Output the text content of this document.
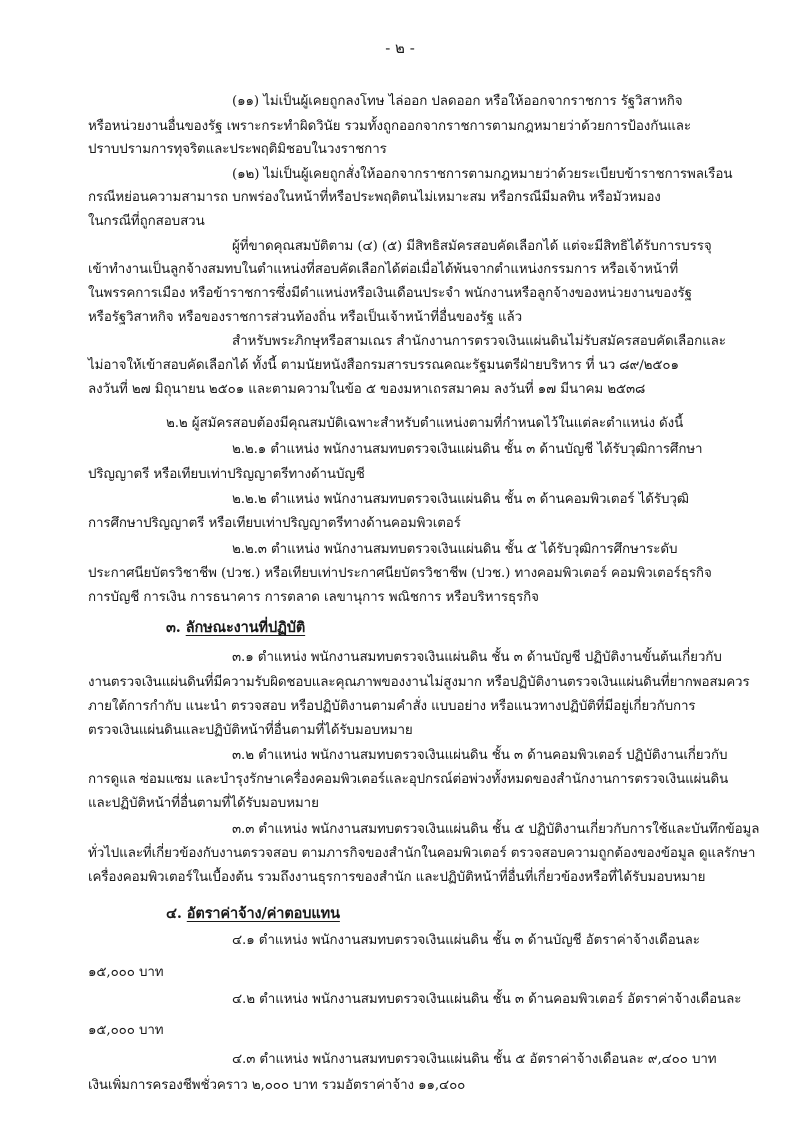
- ๒ -
(๑๑) ไม่เป็นผู้เคยถูกลงโทษ ไล่ออก ปลดออก หรือให้ออกจากราชการ รัฐวิสาหกิจ
หรือหน่วยงานอื่นของรัฐ เพราะกระทำผิดวินัย รวมทั้งถูกออกจากราชการตามกฎหมายว่าด้วยการป้องกันและ
ปราบปรามการทุจริตและประพฤติมิชอบในวงราชการ
(๑๒) ไม่เป็นผู้เคยถูกสั่งให้ออกจากราชการตามกฎหมายว่าด้วยระเบียบข้าราชการพลเรือน
กรณีหย่อนความสามารถ บกพร่องในหน้าที่หรือประพฤติตนไม่เหมาะสม หรือกรณีมีมลทิน หรือมัวหมอง
ในกรณีที่ถูกสอบสวน
ผู้ที่ขาดคุณสมบัติตาม (๔) (๕) มีสิทธิสมัครสอบคัดเลือกได้ แต่จะมีสิทธิได้รับการบรรจุ
เข้าทำงานเป็นลูกจ้างสมทบในตำแหน่งที่สอบคัดเลือกได้ต่อเมื่อได้พ้นจากตำแหน่งกรรมการ หรือเจ้าหน้าที่
ในพรรคการเมือง หรือข้าราชการซึ่งมีตำแหน่งหรือเงินเดือนประจำ พนักงานหรือลูกจ้างของหน่วยงานของรัฐ
หรือรัฐวิสาหกิจ หรือของราชการส่วนท้องถิ่น หรือเป็นเจ้าหน้าที่อื่นของรัฐ แล้ว
สำหรับพระภิกษุหรือสามเณร สำนักงานการตรวจเงินแผ่นดินไม่รับสมัครสอบคัดเลือกและ
ไม่อาจให้เข้าสอบคัดเลือกได้ ทั้งนี้ ตามนัยหนังสือกรมสารบรรณคณะรัฐมนตรีฝ่ายบริหาร ที่ นว ๘๙/๒๕๐๑
ลงวันที่ ๒๗ มิถุนายน ๒๕๐๑ และตามความในข้อ ๕ ของมหาเถรสมาคม ลงวันที่ ๑๗ มีนาคม ๒๕๓๘
๒.๒ ผู้สมัครสอบต้องมีคุณสมบัติเฉพาะสำหรับตำแหน่งตามที่กำหนดไว้ในแต่ละตำแหน่ง ดังนี้
๒.๒.๑ ตำแหน่ง พนักงานสมทบตรวจเงินแผ่นดิน ชั้น ๓ ด้านบัญชี ได้รับวุฒิการศึกษา
ปริญญาตรี หรือเทียบเท่าปริญญาตรีทางด้านบัญชี
๒.๒.๒ ตำแหน่ง พนักงานสมทบตรวจเงินแผ่นดิน ชั้น ๓ ด้านคอมพิวเตอร์ ได้รับวุฒิ
การศึกษาปริญญาตรี หรือเทียบเท่าปริญญาตรีทางด้านคอมพิวเตอร์
๒.๒.๓ ตำแหน่ง พนักงานสมทบตรวจเงินแผ่นดิน ชั้น ๕ ได้รับวุฒิการศึกษาระดับ
ประกาศนียบัตรวิชาชีพ (ปวช.) หรือเทียบเท่าประกาศนียบัตรวิชาชีพ (ปวช.) ทางคอมพิวเตอร์ คอมพิวเตอร์ธุรกิจ
การบัญชี การเงิน การธนาคาร การตลาด เลขานุการ พณิชการ หรือบริหารธุรกิจ
๓. ลักษณะงานที่ปฏิบัติ
๓.๑ ตำแหน่ง พนักงานสมทบตรวจเงินแผ่นดิน ชั้น ๓ ด้านบัญชี ปฏิบัติงานขั้นต้นเกี่ยวกับ
งานตรวจเงินแผ่นดินที่มีความรับผิดชอบและคุณภาพของงานไม่สูงมาก หรือปฏิบัติงานตรวจเงินแผ่นดินที่ยากพอสมควร
ภายใต้การกำกับ แนะนำ ตรวจสอบ หรือปฏิบัติงานตามคำสั่ง แบบอย่าง หรือแนวทางปฏิบัติที่มีอยู่เกี่ยวกับการ
ตรวจเงินแผ่นดินและปฏิบัติหน้าที่อื่นตามที่ได้รับมอบหมาย
๓.๒ ตำแหน่ง พนักงานสมทบตรวจเงินแผ่นดิน ชั้น ๓ ด้านคอมพิวเตอร์ ปฏิบัติงานเกี่ยวกับ
การดูแล ซ่อมแซม และบำรุงรักษาเครื่องคอมพิวเตอร์และอุปกรณ์ต่อพ่วงทั้งหมดของสำนักงานการตรวจเงินแผ่นดิน
และปฏิบัติหน้าที่อื่นตามที่ได้รับมอบหมาย
๓.๓ ตำแหน่ง พนักงานสมทบตรวจเงินแผ่นดิน ชั้น ๕ ปฏิบัติงานเกี่ยวกับการใช้และบันทึกข้อมูล
ทั่วไปและที่เกี่ยวข้องกับงานตรวจสอบ ตามภารกิจของสำนักในคอมพิวเตอร์ ตรวจสอบความถูกต้องของข้อมูล ดูแลรักษา
เครื่องคอมพิวเตอร์ในเบื้องต้น รวมถึงงานธุรการของสำนัก และปฏิบัติหน้าที่อื่นที่เกี่ยวข้องหรือที่ได้รับมอบหมาย
๔. อัตราค่าจ้าง/ค่าตอบแทน
๔.๑ ตำแหน่ง พนักงานสมทบตรวจเงินแผ่นดิน ชั้น ๓ ด้านบัญชี อัตราค่าจ้างเดือนละ
๑๕,๐๐๐ บาท
๔.๒ ตำแหน่ง พนักงานสมทบตรวจเงินแผ่นดิน ชั้น ๓ ด้านคอมพิวเตอร์ อัตราค่าจ้างเดือนละ
๑๕,๐๐๐ บาท
๔.๓ ตำแหน่ง พนักงานสมทบตรวจเงินแผ่นดิน ชั้น ๕ อัตราค่าจ้างเดือนละ ๙,๔๐๐ บาท
เงินเพิ่มการครองชีพชั่วคราว ๒,๐๐๐ บาท รวมอัตราค่าจ้าง ๑๑,๔๐๐
